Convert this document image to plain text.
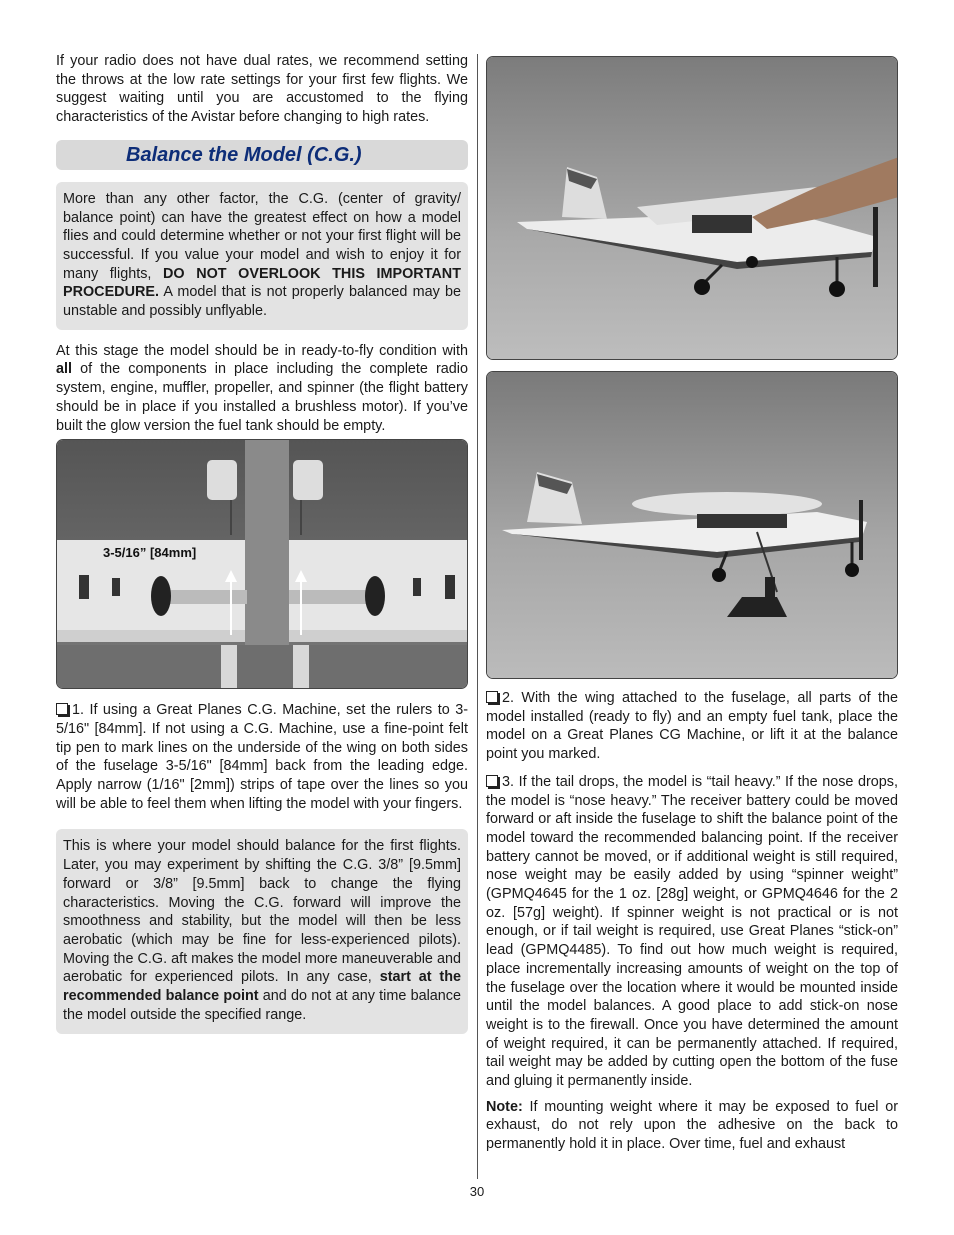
If your radio does not have dual rates, we recommend setting the throws at the low rate settings for your first few flights. We suggest waiting until you are accustomed to the flying characteristics of the Avistar before changing to high rates.

Balance the Model (C.G.)

More than any other factor, the C.G. (center of gravity/ balance point) can have the greatest effect on how a model flies and could determine whether or not your first flight will be successful. If you value your model and wish to enjoy it for many flights, DO NOT OVERLOOK THIS IMPORTANT PROCEDURE. A model that is not properly balanced may be unstable and possibly unflyable.

At this stage the model should be in ready-to-fly condition with all of the components in place including the complete radio system, engine, muffler, propeller, and spinner (the flight battery should be in place if you installed a brushless motor). If you’ve built the glow version the fuel tank should be empty.

3-5/16” [84mm]

1. If using a Great Planes C.G. Machine, set the rulers to 3-5/16" [84mm]. If not using a C.G. Machine, use a fine-point felt tip pen to mark lines on the underside of the wing on both sides of the fuselage 3-5/16" [84mm] back from the leading edge. Apply narrow (1/16" [2mm]) strips of tape over the lines so you will be able to feel them when lifting the model with your fingers.

This is where your model should balance for the first flights. Later, you may experiment by shifting the C.G. 3/8” [9.5mm] forward or 3/8” [9.5mm] back to change the flying characteristics. Moving the C.G. forward will improve the smoothness and stability, but the model will then be less aerobatic (which may be fine for less-experienced pilots). Moving the C.G. aft makes the model more maneuverable and aerobatic for experienced pilots. In any case, start at the recommended balance point and do not at any time balance the model outside the specified range.

2. With the wing attached to the fuselage, all parts of the model installed (ready to fly) and an empty fuel tank, place the model on a Great Planes CG Machine, or lift it at the balance point you marked.

3. If the tail drops, the model is “tail heavy.” If the nose drops, the model is “nose heavy.” The receiver battery could be moved forward or aft inside the fuselage to shift the balance point of the model toward the recommended balancing point. If the receiver battery cannot be moved, or if additional weight is still required, nose weight may be easily added by using “spinner weight” (GPMQ4645 for the 1 oz. [28g] weight, or GPMQ4646 for the 2 oz. [57g] weight). If spinner weight is not practical or is not enough, or if tail weight is required, use Great Planes “stick-on” lead (GPMQ4485). To find out how much weight is required, place incrementally increasing amounts of weight on the top of the fuselage over the location where it would be mounted inside until the model balances. A good place to add stick-on nose weight is to the firewall. Once you have determined the amount of weight required, it can be permanently attached. If required, tail weight may be added by cutting open the bottom of the fuse and gluing it permanently inside.

Note: If mounting weight where it may be exposed to fuel or exhaust, do not rely upon the adhesive on the back to permanently hold it in place. Over time, fuel and exhaust

30
